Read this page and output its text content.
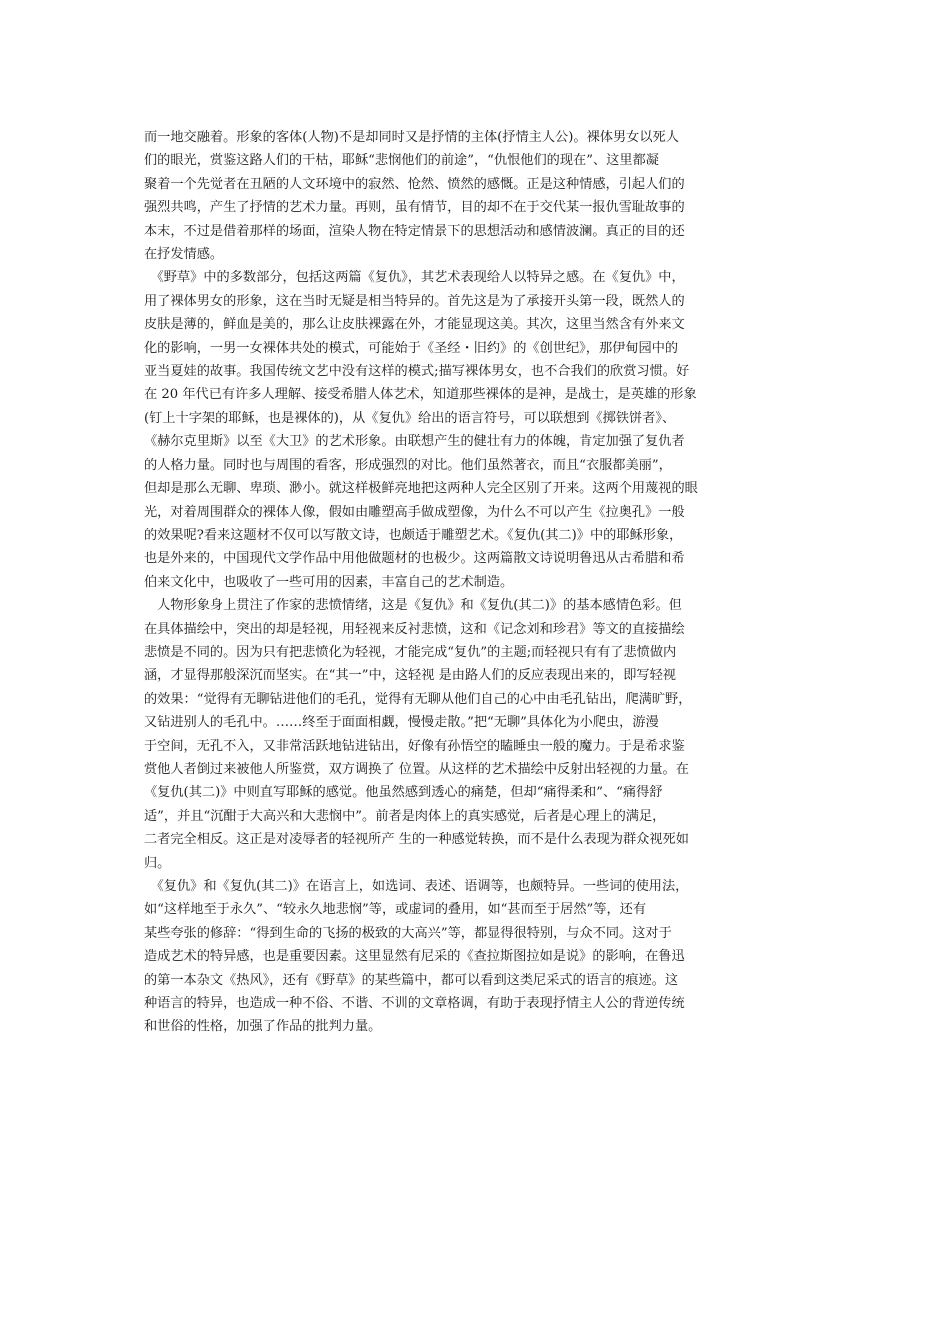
而一地交融着。形象的客体(人物)不是却同时又是抒情的主体(抒情主人公)。裸体男女以死人
们的眼光，赏鉴这路人们的干枯，耶稣“悲悯他们的前途”，“仇恨他们的现在”、这里都凝
聚着一个先觉者在丑陋的人文环境中的寂然、怆然、愤然的感慨。正是这种情感，引起人们的
强烈共鸣，产生了抒情的艺术力量。再则，虽有情节，目的却不在于交代某一报仇雪耻故事的
本末，不过是借着那样的场面，渲染人物在特定情景下的思想活动和感情波澜。真正的目的还
在抒发情感。

　《野草》中的多数部分，包括这两篇《复仇》，其艺术表现给人以特异之感。在《复仇》中，
用了裸体男女的形象，这在当时无疑是相当特异的。首先这是为了承接开头第一段，既然人的
皮肤是薄的，鲜血是美的，那么让皮肤裸露在外，才能显现这美。其次，这里当然含有外来文
化的影响，一男一女裸体共处的模式，可能始于《圣经・旧约》的《创世纪》，那伊甸园中的
亚当夏娃的故事。我国传统文艺中没有这样的模式;描写裸体男女，也不合我们的欣赏习惯。好
在 20 年代已有许多人理解、接受希腊人体艺术，知道那些裸体的是神，是战士，是英雄的形象
(钉上十字架的耶稣，也是裸体的)，从《复仇》给出的语言符号，可以联想到《掷铁饼者》、
《赫尔克里斯》以至《大卫》的艺术形象。由联想产生的健壮有力的体魄，肯定加强了复仇者
的人格力量。同时也与周围的看客，形成强烈的对比。他们虽然著衣，而且“衣服都美丽”，
但却是那么无聊、卑琐、渺小。就这样极鲜亮地把这两种人完全区别了开来。这两个用蔑视的眼
光，对着周围群众的裸体人像，假如由雕塑高手做成塑像，为什么不可以产生《拉奥孔》一般
的效果呢?看来这题材不仅可以写散文诗，也颇适于雕塑艺术。《复仇(其二)》中的耶稣形象，
也是外来的，中国现代文学作品中用他做题材的也极少。这两篇散文诗说明鲁迅从古希腊和希
伯来文化中，也吸收了一些可用的因素，丰富自己的艺术制造。

　人物形象身上贯注了作家的悲愤情绪，这是《复仇》和《复仇(其二)》的基本感情色彩。但
在具体描绘中，突出的却是轻视，用轻视来反衬悲愤，这和《记念刘和珍君》等文的直接描绘
悲愤是不同的。因为只有把悲愤化为轻视，才能完成“复仇”的主题;而轻视只有有了悲愤做内
涵，才显得那般深沉而坚实。在“其一”中，这轻视 是由路人们的反应表现出来的，即写轻视
的效果：“觉得有无聊钻进他们的毛孔，觉得有无聊从他们自己的心中由毛孔钻出，爬满旷野，
又钻进别人的毛孔中。……终至于面面相觑，慢慢走散。”把“无聊”具体化为小爬虫，游漫
于空间，无孔不入，又非常活跃地钻进钻出，好像有孙悟空的瞌睡虫一般的魔力。于是希求鉴
赏他人者倒过来被他人所鉴赏，双方调换了 位置。从这样的艺术描绘中反射出轻视的力量。在
《复仇(其二)》中则直写耶稣的感觉。他虽然感到透心的痛楚，但却“痛得柔和”、“痛得舒
适”，并且“沉酣于大高兴和大悲悯中”。前者是肉体上的真实感觉，后者是心理上的满足，
二者完全相反。这正是对凌辱者的轻视所产 生的一种感觉转换，而不是什么表现为群众视死如
归。

　《复仇》和《复仇(其二)》在语言上，如选词、表述、语调等，也颇特异。一些词的使用法，
如“这样地至于永久”、“较永久地悲悯”等，或虚词的叠用，如“甚而至于居然”等，还有
某些夸张的修辞：“得到生命的飞扬的极致的大高兴”等，都显得很特别，与众不同。这对于
造成艺术的特异感，也是重要因素。这里显然有尼采的《查拉斯图拉如是说》的影响，在鲁迅
的第一本杂文《热风》，还有《野草》的某些篇中，都可以看到这类尼采式的语言的痕迹。这
种语言的特异，也造成一种不俗、不谐、不训的文章格调，有助于表现抒情主人公的背逆传统
和世俗的性格，加强了作品的批判力量。
